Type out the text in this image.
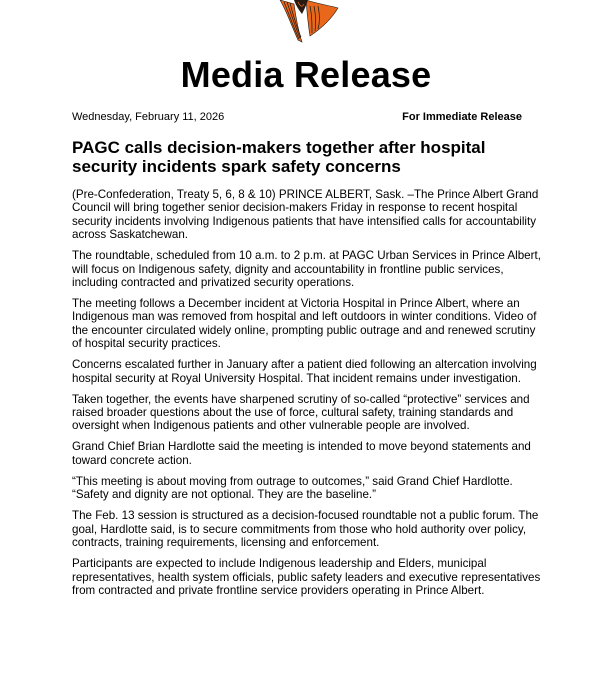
Media Release
Wednesday, February 11, 2026	For Immediate Release
PAGC calls decision-makers together after hospital security incidents spark safety concerns

(Pre-Confederation, Treaty 5, 6, 8 & 10) PRINCE ALBERT, Sask. –The Prince Albert Grand Council will bring together senior decision-makers Friday in response to recent hospital security incidents involving Indigenous patients that have intensified calls for accountability across Saskatchewan.

The roundtable, scheduled from 10 a.m. to 2 p.m. at PAGC Urban Services in Prince Albert, will focus on Indigenous safety, dignity and accountability in frontline public services, including contracted and privatized security operations.

The meeting follows a December incident at Victoria Hospital in Prince Albert, where an Indigenous man was removed from hospital and left outdoors in winter conditions. Video of the encounter circulated widely online, prompting public outrage and and renewed scrutiny of hospital security practices.

Concerns escalated further in January after a patient died following an altercation involving hospital security at Royal University Hospital. That incident remains under investigation.

Taken together, the events have sharpened scrutiny of so-called “protective” services and raised broader questions about the use of force, cultural safety, training standards and oversight when Indigenous patients and other vulnerable people are involved.

Grand Chief Brian Hardlotte said the meeting is intended to move beyond statements and toward concrete action.

“This meeting is about moving from outrage to outcomes,” said Grand Chief Hardlotte. “Safety and dignity are not optional. They are the baseline.”

The Feb. 13 session is structured as a decision-focused roundtable not a public forum. The goal, Hardlotte said, is to secure commitments from those who hold authority over policy, contracts, training requirements, licensing and enforcement.

Participants are expected to include Indigenous leadership and Elders, municipal representatives, health system officials, public safety leaders and executive representatives from contracted and private frontline service providers operating in Prince Albert.
